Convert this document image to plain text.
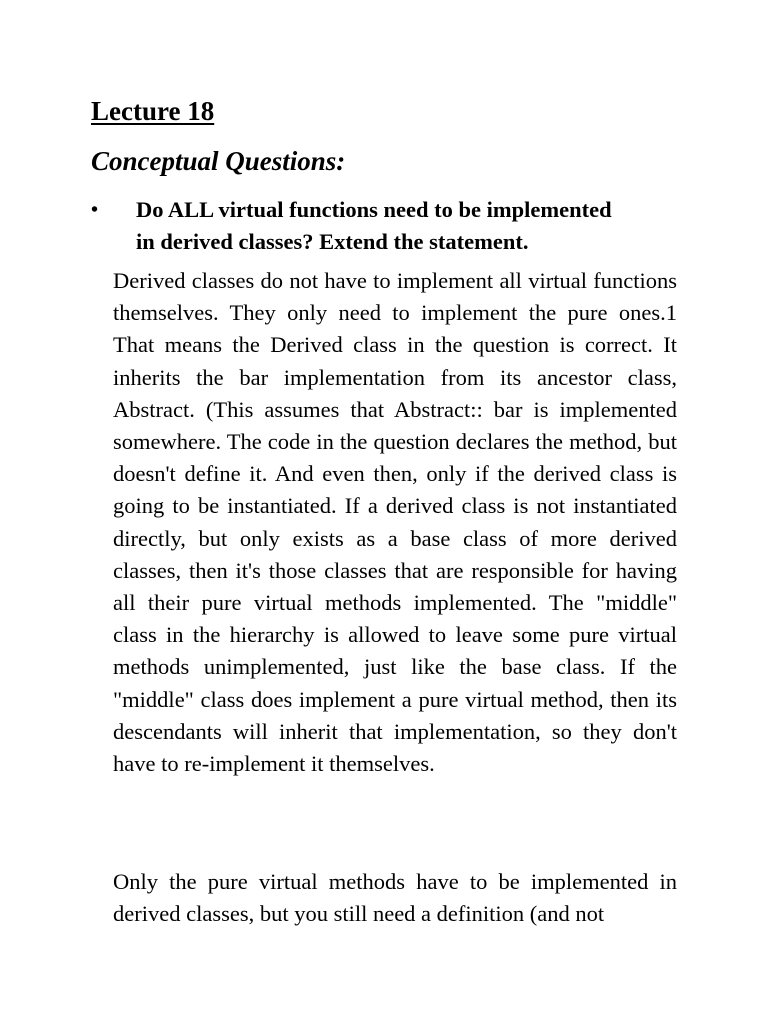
Lecture 18
Conceptual Questions:
• Do ALL virtual functions need to be implemented
in derived classes? Extend the statement.

Derived classes do not have to implement all virtual functions themselves. They only need to implement the pure ones.1 That means the Derived class in the question is correct. It inherits the bar implementation from its ancestor class, Abstract. (This assumes that Abstract:: bar is implemented somewhere. The code in the question declares the method, but doesn't define it. And even then, only if the derived class is going to be instantiated. If a derived class is not instantiated directly, but only exists as a base class of more derived classes, then it's those classes that are responsible for having all their pure virtual methods implemented. The "middle" class in the hierarchy is allowed to leave some pure virtual methods unimplemented, just like the base class. If the "middle" class does implement a pure virtual method, then its descendants will inherit that implementation, so they don't have to re-implement it themselves.

Only the pure virtual methods have to be implemented in derived classes, but you still need a definition (and not
